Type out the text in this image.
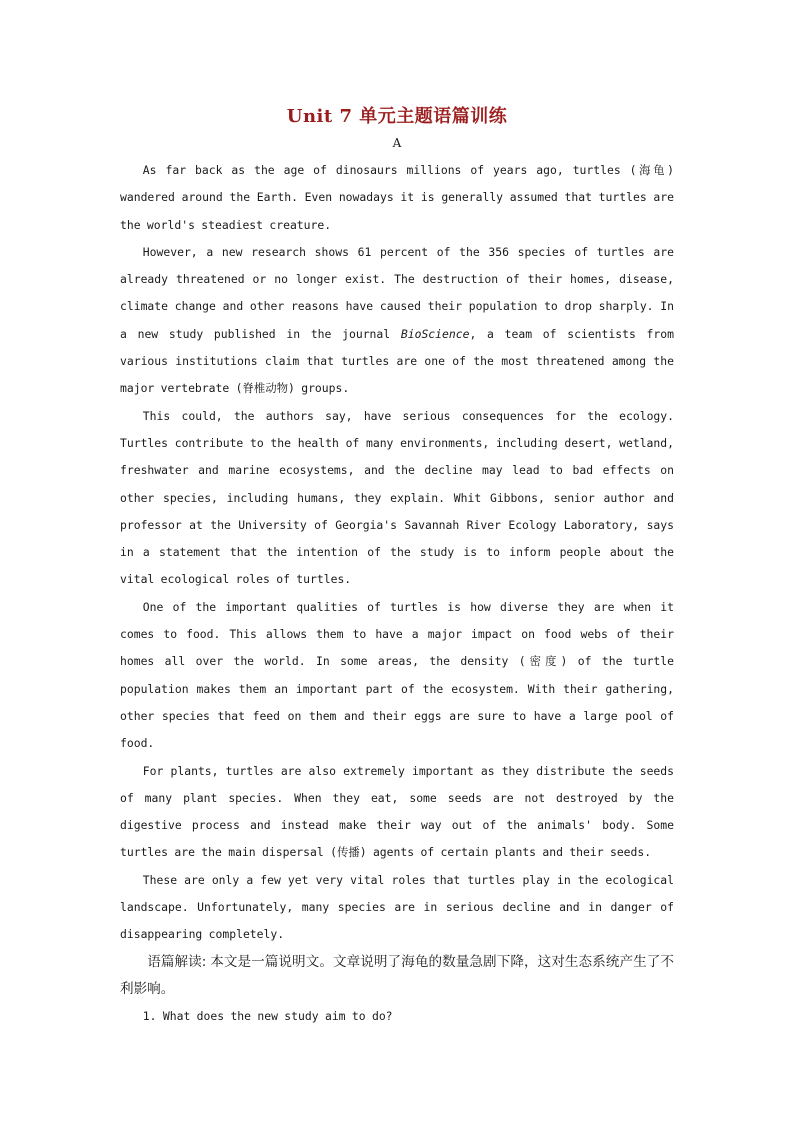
Unit 7 单元主题语篇训练
A

As far back as the age of dinosaurs millions of years ago, turtles (海龟) wandered around the Earth. Even nowadays it is generally assumed that turtles are the world's steadiest creature.

However, a new research shows 61 percent of the 356 species of turtles are already threatened or no longer exist. The destruction of their homes, disease, climate change and other reasons have caused their population to drop sharply. In a new study published in the journal BioScience, a team of scientists from various institutions claim that turtles are one of the most threatened among the major vertebrate (脊椎动物) groups.

This could, the authors say, have serious consequences for the ecology. Turtles contribute to the health of many environments, including desert, wetland, freshwater and marine ecosystems, and the decline may lead to bad effects on other species, including humans, they explain. Whit Gibbons, senior author and professor at the University of Georgia's Savannah River Ecology Laboratory, says in a statement that the intention of the study is to inform people about the vital ecological roles of turtles.

One of the important qualities of turtles is how diverse they are when it comes to food. This allows them to have a major impact on food webs of their homes all over the world. In some areas, the density (密度) of the turtle population makes them an important part of the ecosystem. With their gathering, other species that feed on them and their eggs are sure to have a large pool of food.

For plants, turtles are also extremely important as they distribute the seeds of many plant species. When they eat, some seeds are not destroyed by the digestive process and instead make their way out of the animals' body. Some turtles are the main dispersal (传播) agents of certain plants and their seeds.

These are only a few yet very vital roles that turtles play in the ecological landscape. Unfortunately, many species are in serious decline and in danger of disappearing completely.

语篇解读: 本文是一篇说明文。文章说明了海龟的数量急剧下降，这对生态系统产生了不利影响。

1. What does the new study aim to do?
